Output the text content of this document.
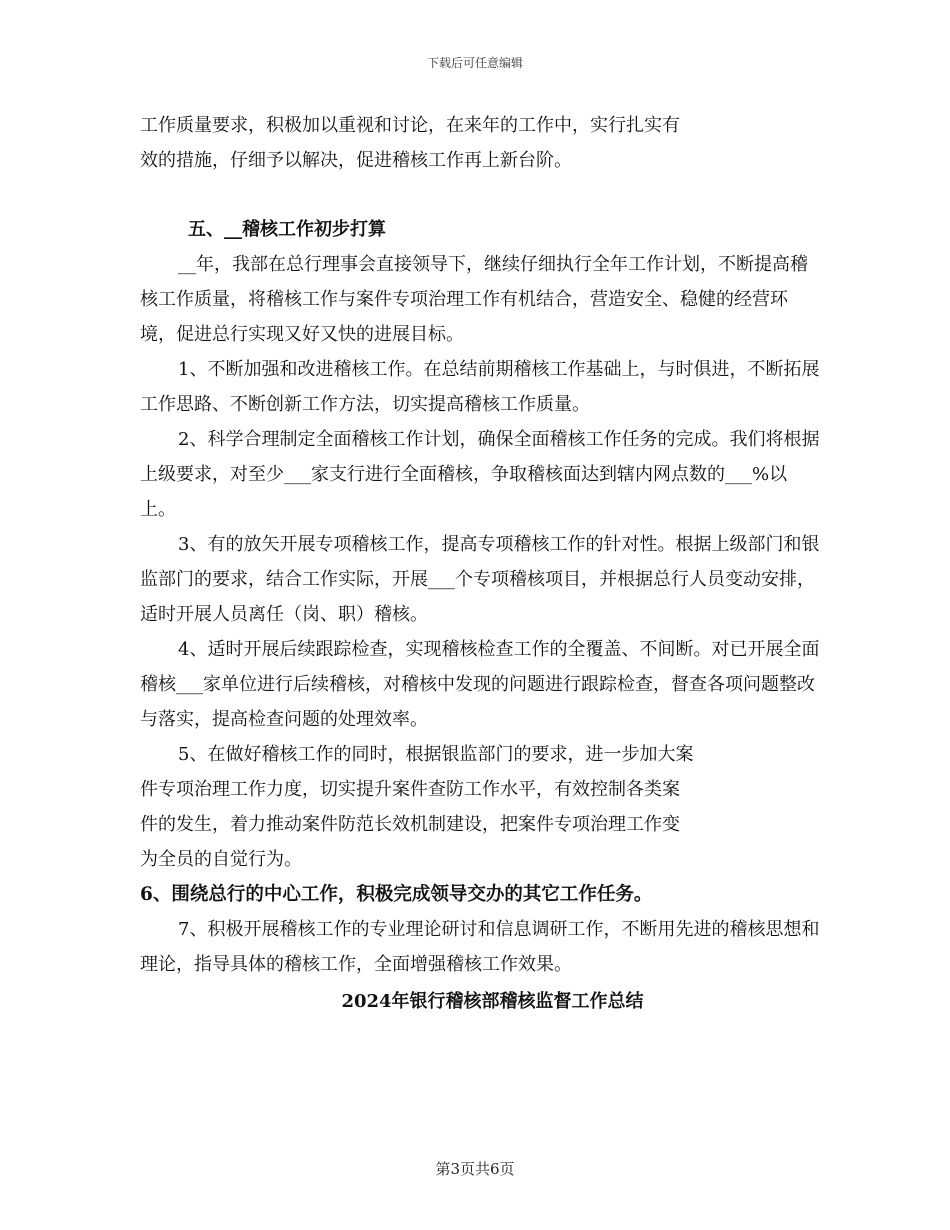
下载后可任意编辑

工作质量要求，积极加以重视和讨论，在来年的工作中，实行扎实有

效的措施，仔细予以解决，促进稽核工作再上新台阶。

五、__稽核工作初步打算

__年，我部在总行理事会直接领导下，继续仔细执行全年工作计划，不断提高稽核工作质量，将稽核工作与案件专项治理工作有机结合，营造安全、稳健的经营环境，促进总行实现又好又快的进展目标。

1、不断加强和改进稽核工作。在总结前期稽核工作基础上，与时俱进，不断拓展工作思路、不断创新工作方法，切实提高稽核工作质量。

2、科学合理制定全面稽核工作计划，确保全面稽核工作任务的完成。我们将根据上级要求，对至少___家支行进行全面稽核，争取稽核面达到辖内网点数的___%以上。

3、有的放矢开展专项稽核工作，提高专项稽核工作的针对性。根据上级部门和银监部门的要求，结合工作实际，开展___个专项稽核项目，并根据总行人员变动安排，适时开展人员离任（岗、职）稽核。

4、适时开展后续跟踪检查，实现稽核检查工作的全覆盖、不间断。对已开展全面稽核___家单位进行后续稽核，对稽核中发现的问题进行跟踪检查，督查各项问题整改与落实，提高检查问题的处理效率。

5、在做好稽核工作的同时，根据银监部门的要求，进一步加大案

件专项治理工作力度，切实提升案件查防工作水平，有效控制各类案

件的发生，着力推动案件防范长效机制建设，把案件专项治理工作变

为全员的自觉行为。

6、围绕总行的中心工作，积极完成领导交办的其它工作任务。

7、积极开展稽核工作的专业理论研讨和信息调研工作，不断用先进的稽核思想和理论，指导具体的稽核工作，全面增强稽核工作效果。

2024年银行稽核部稽核监督工作总结

第3页共6页
